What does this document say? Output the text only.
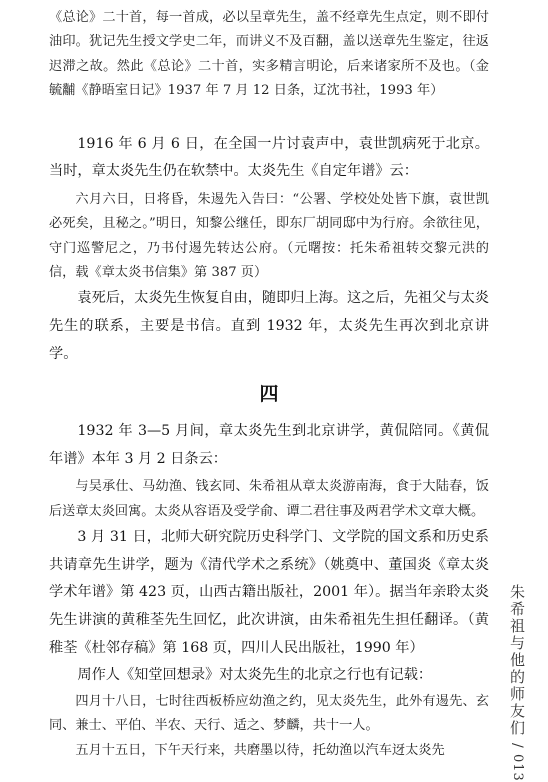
《总论》二十首，每一首成，必以呈章先生，盖不经章先生点定，则不即付油印。犹记先生授文学史二年，而讲义不及百翻，盖以送章先生鉴定，往返迟滞之故。然此《总论》二十首，实多精言明论，后来诸家所不及也。（金毓黼《静晤室日记》1937 年 7 月 12 日条，辽沈书社，1993 年）

1916 年 6 月 6 日，在全国一片讨袁声中，袁世凯病死于北京。当时，章太炎先生仍在软禁中。太炎先生《自定年谱》云：

六月六日，日将昏，朱逷先入告曰：“公署、学校处处皆下旗，袁世凯必死矣，且秘之。”明日，知黎公继任，即东厂胡同邸中为行府。余欲往见，守门巡警尼之，乃书付逷先转达公府。（元曙按：托朱希祖转交黎元洪的信，载《章太炎书信集》第 387 页）

袁死后，太炎先生恢复自由，随即归上海。这之后，先祖父与太炎先生的联系，主要是书信。直到 1932 年，太炎先生再次到北京讲学。

四

1932 年 3—5 月间，章太炎先生到北京讲学，黄侃陪同。《黄侃年谱》本年 3 月 2 日条云：

与吴承仕、马幼渔、钱玄同、朱希祖从章太炎游南海，食于大陆春，饭后送章太炎回寓。太炎从容语及受学俞、谭二君往事及两君学术文章大概。

3 月 31 日，北师大研究院历史科学门、文学院的国文系和历史系共请章先生讲学，题为《清代学术之系统》（姚奠中、董国炎《章太炎学术年谱》第 423 页，山西古籍出版社，2001 年）。据当年亲聆太炎先生讲演的黄稚荃先生回忆，此次讲演，由朱希祖先生担任翻译。（黄稚荃《杜邻存稿》第 168 页，四川人民出版社，1990 年）

周作人《知堂回想录》对太炎先生的北京之行也有记载：

四月十八日，七时往西板桥应幼渔之约，见太炎先生，此外有逷先、玄同、兼士、平伯、半农、天行、适之、梦麟，共十一人。

五月十五日，下午天行来，共磨墨以待，托幼渔以汽车迓太炎先

朱希祖与他的师友们
/
013
